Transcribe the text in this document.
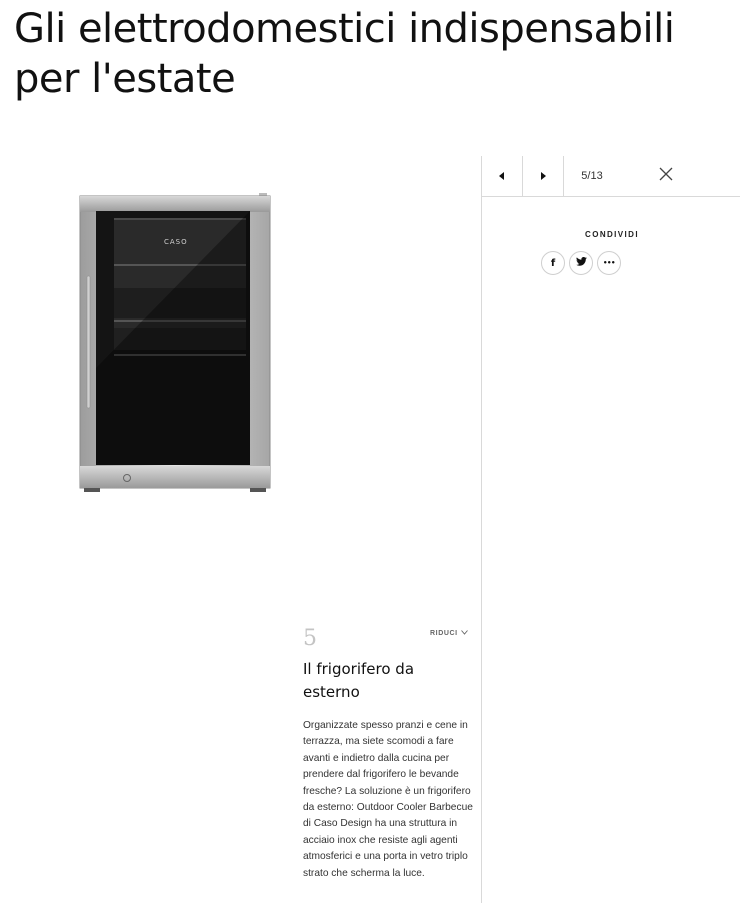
Gli elettrodomestici indispensabili per l'estate
CASO
5/13
CONDIVIDI
f	•••
5	RIDUCI
Il frigorifero da esterno

Organizzate spesso pranzi e cene in terrazza, ma siete scomodi a fare avanti e indietro dalla cucina per prendere dal frigorifero le bevande fresche? La soluzione è un frigorifero da esterno: Outdoor Cooler Barbecue di Caso Design ha una struttura in acciaio inox che resiste agli agenti atmosferici e una porta in vetro triplo strato che scherma la luce.
